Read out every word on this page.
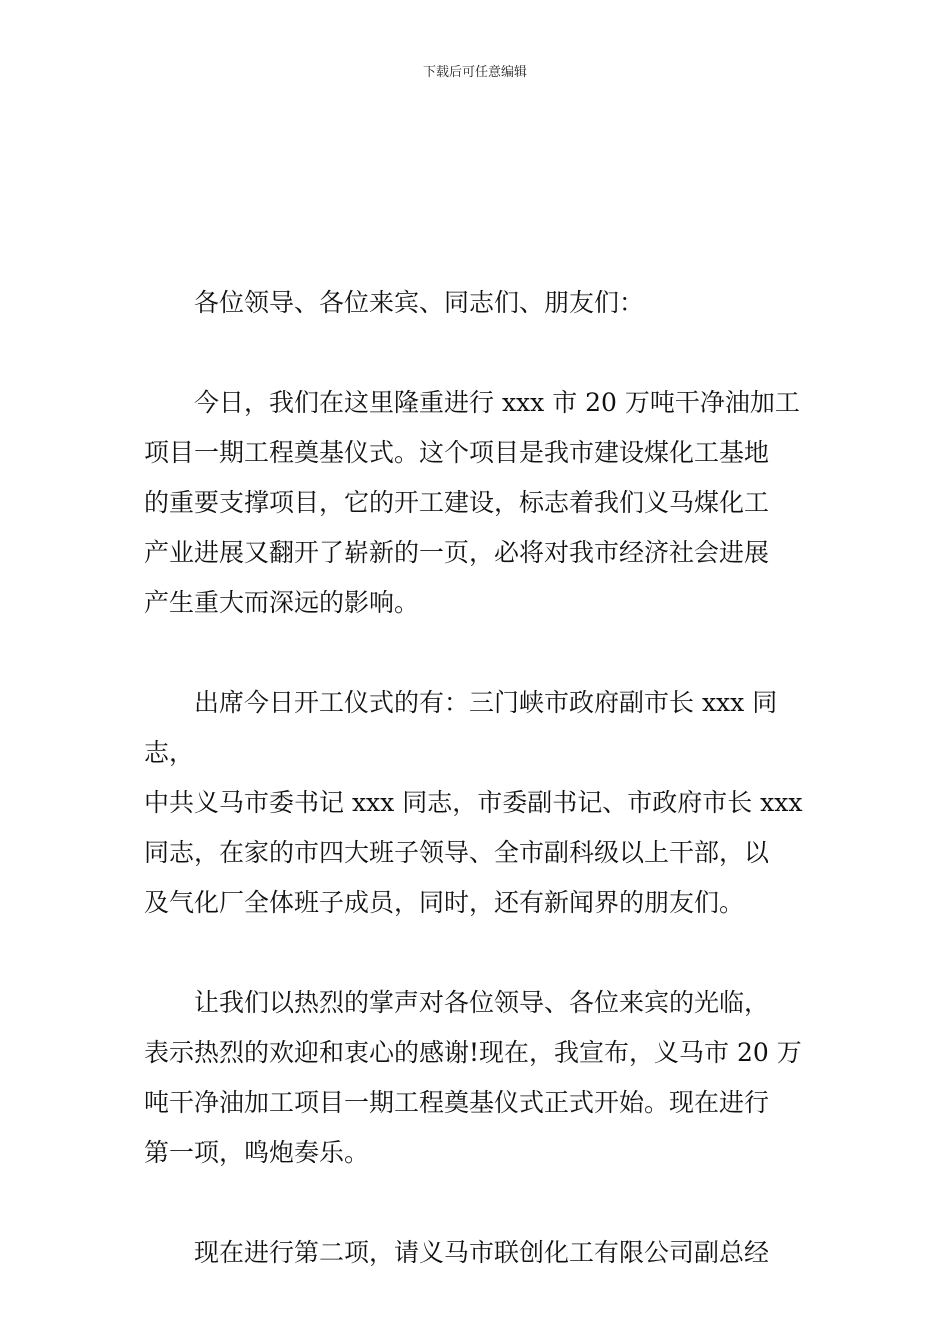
下载后可任意编辑

各位领导、各位来宾、同志们、朋友们：

今日，我们在这里隆重进行 xxx 市 20 万吨干净油加工
项目一期工程奠基仪式。这个项目是我市建设煤化工基地
的重要支撑项目，它的开工建设，标志着我们义马煤化工
产业进展又翻开了崭新的一页，必将对我市经济社会进展
产生重大而深远的影响。

出席今日开工仪式的有：三门峡市政府副市长 xxx 同志，
中共义马市委书记 xxx 同志，市委副书记、市政府市长 xxx
同志，在家的市四大班子领导、全市副科级以上干部，以
及气化厂全体班子成员，同时，还有新闻界的朋友们。

让我们以热烈的掌声对各位领导、各位来宾的光临，
表示热烈的欢迎和衷心的感谢!现在，我宣布，义马市 20 万
吨干净油加工项目一期工程奠基仪式正式开始。现在进行
第一项，鸣炮奏乐。

现在进行第二项，请义马市联创化工有限公司副总经
